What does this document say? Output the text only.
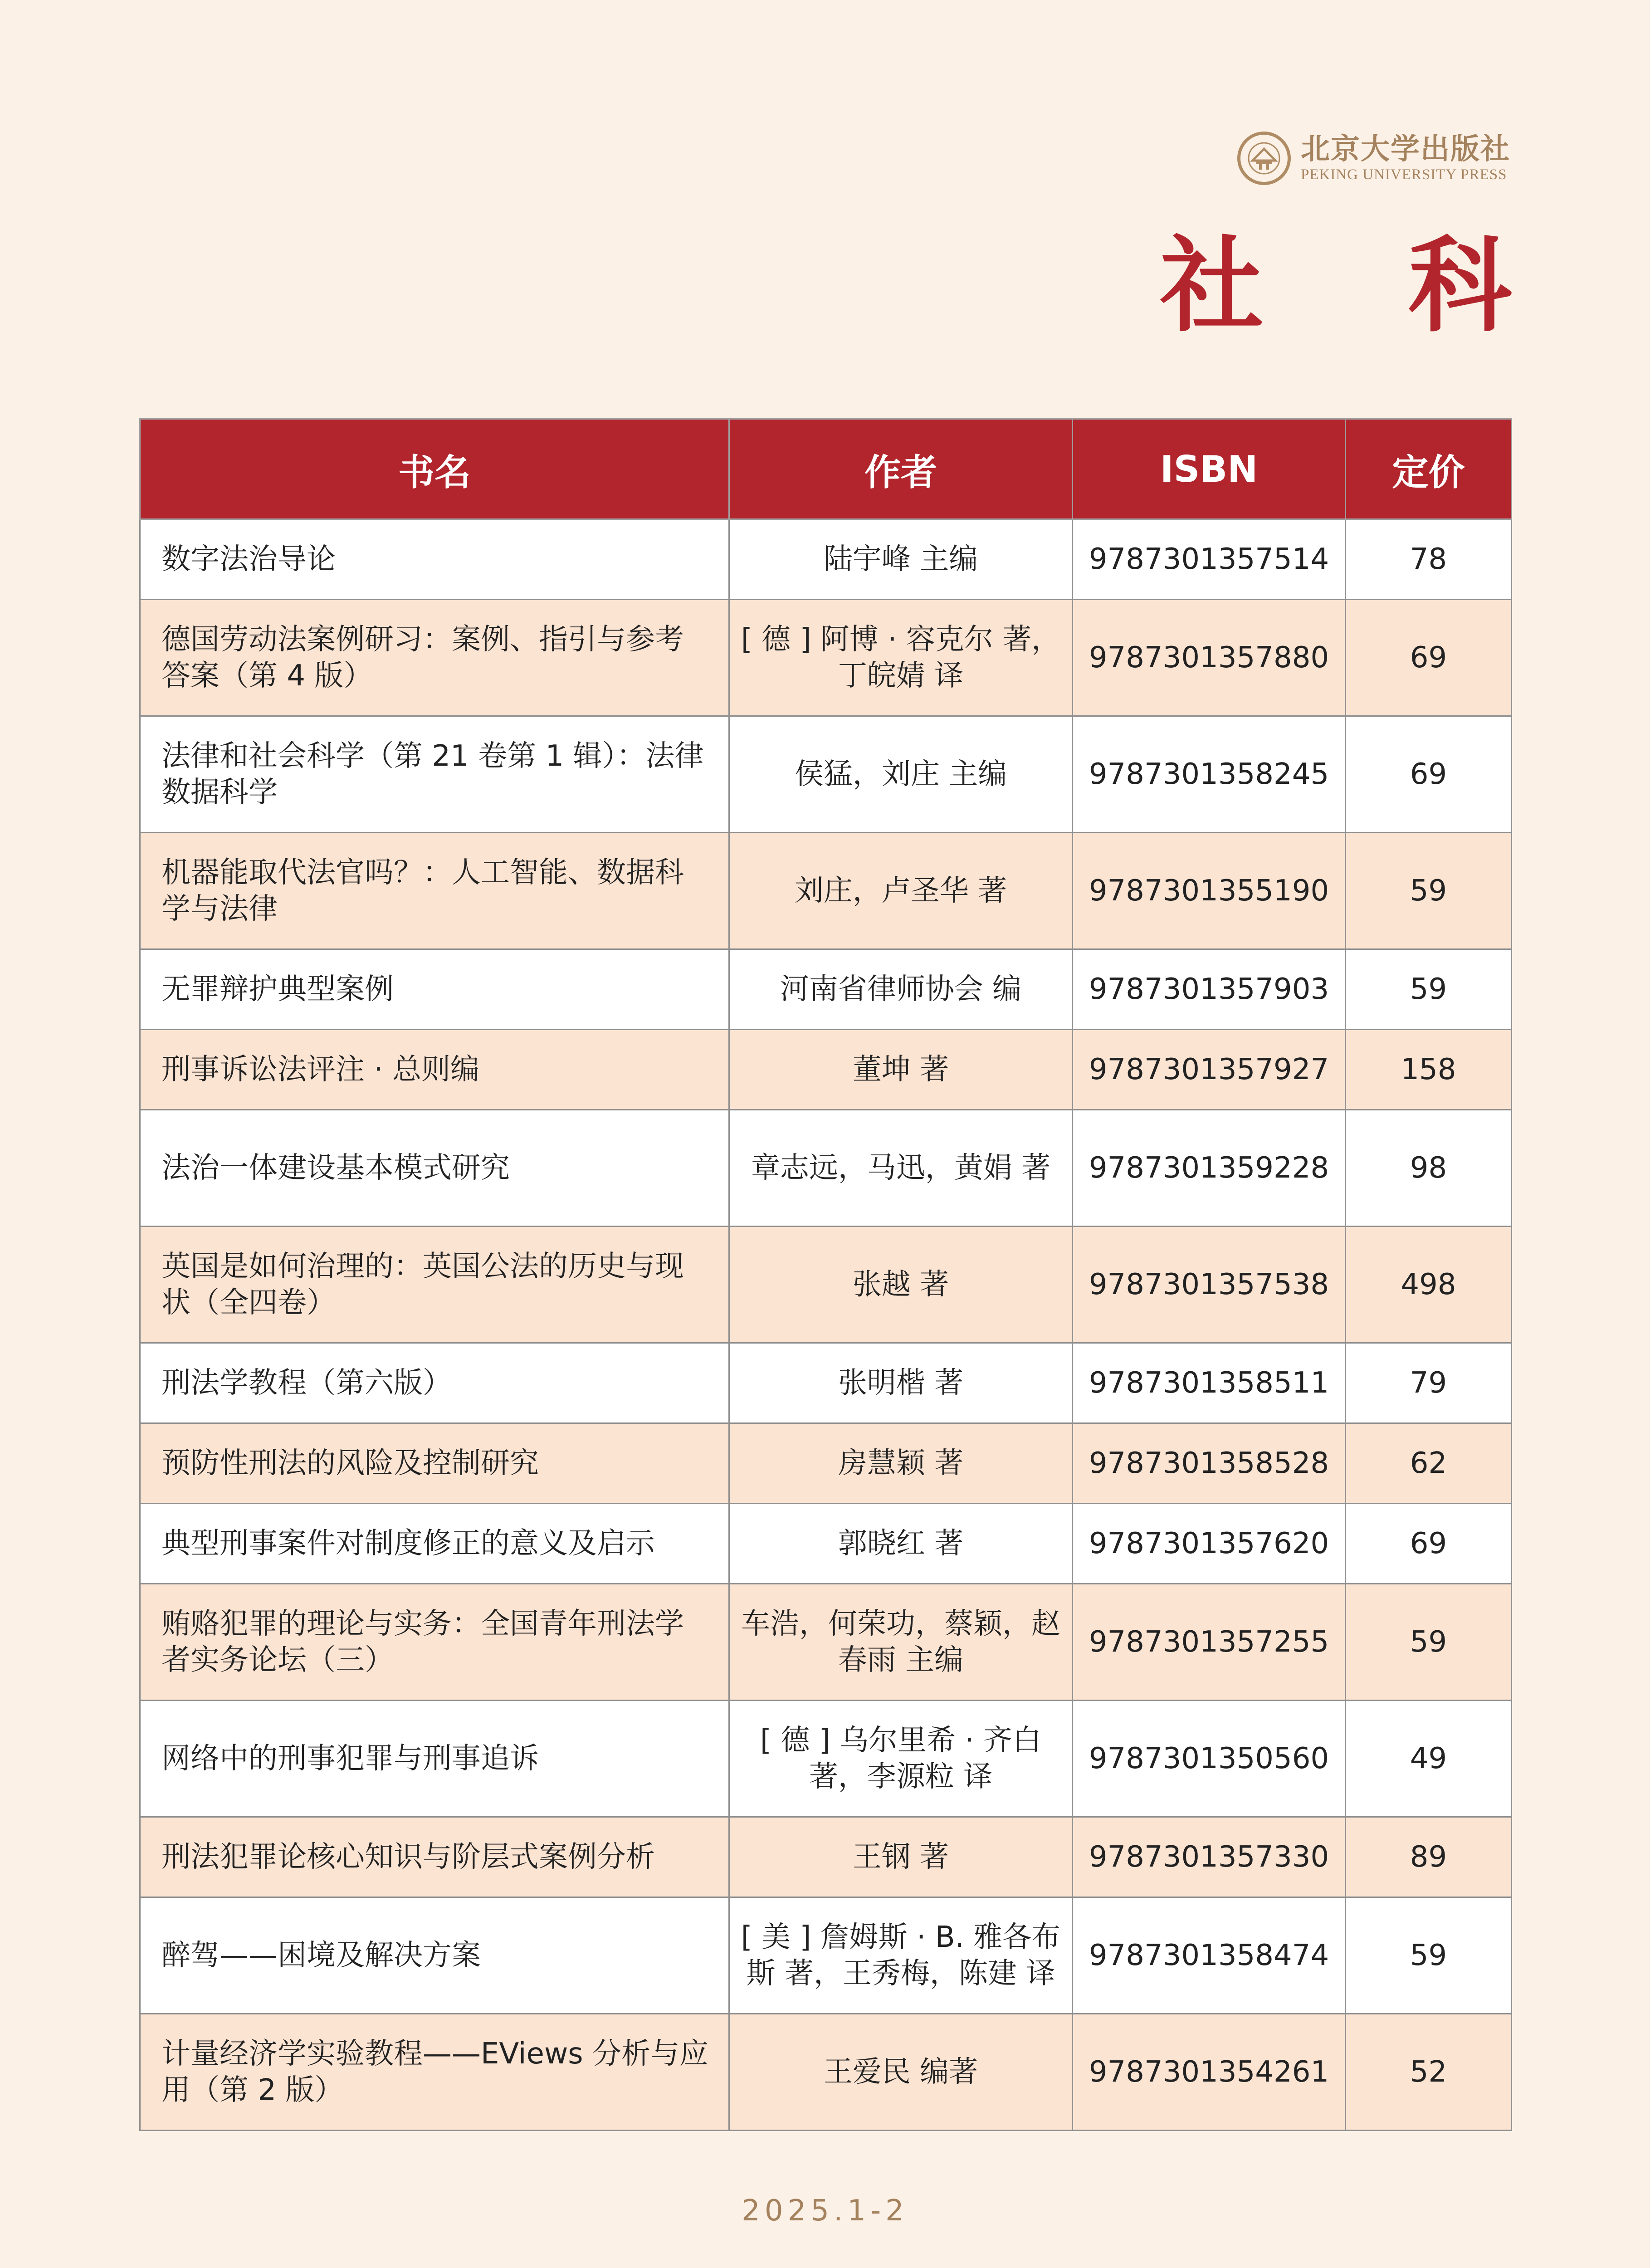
北京大学出版社
PEKING UNIVERSITY PRESS
社 科
书名	作者	ISBN	定价
数字法治导论	陆宇峰 主编	9787301357514	78
德国劳动法案例研习：案例、指引与参考答案（第 4 版）	[ 德 ] 阿博 · 容克尔 著，丁皖婧 译	9787301357880	69
法律和社会科学（第 21 卷第 1 辑）：法律数据科学	侯猛，刘庄 主编	9787301358245	69
机器能取代法官吗？：人工智能、数据科学与法律	刘庄，卢圣华 著	9787301355190	59
无罪辩护典型案例	河南省律师协会 编	9787301357903	59
刑事诉讼法评注 · 总则编	董坤 著	9787301357927	158
法治一体建设基本模式研究	章志远，马迅，黄娟 著	9787301359228	98
英国是如何治理的：英国公法的历史与现状（全四卷）	张越 著	9787301357538	498
刑法学教程（第六版）	张明楷 著	9787301358511	79
预防性刑法的风险及控制研究	房慧颖 著	9787301358528	62
典型刑事案件对制度修正的意义及启示	郭晓红 著	9787301357620	69
贿赂犯罪的理论与实务：全国青年刑法学者实务论坛（三）	车浩，何荣功，蔡颖，赵春雨 主编	9787301357255	59
网络中的刑事犯罪与刑事追诉	[ 德 ] 乌尔里希 · 齐白 著，李源粒 译	9787301350560	49
刑法犯罪论核心知识与阶层式案例分析	王钢 著	9787301357330	89
醉驾——困境及解决方案	[ 美 ] 詹姆斯 · B. 雅各布斯 著，王秀梅，陈建 译	9787301358474	59
计量经济学实验教程——EViews 分析与应用（第 2 版）	王爱民 编著	9787301354261	52
2025.1-2
